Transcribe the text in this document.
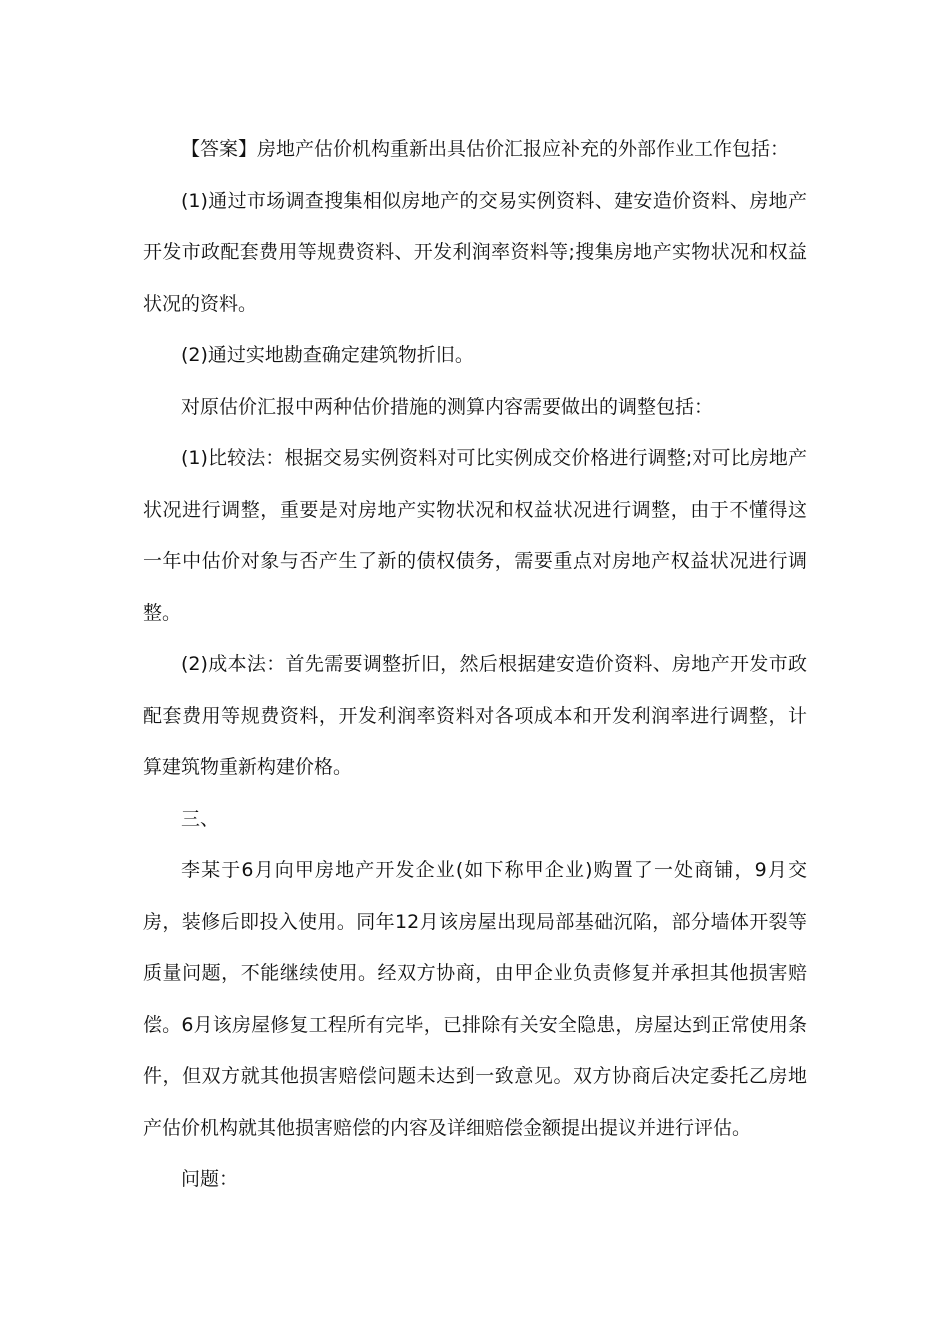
【答案】房地产估价机构重新出具估价汇报应补充的外部作业工作包括：

(1)通过市场调查搜集相似房地产的交易实例资料、建安造价资料、房地产开发市政配套费用等规费资料、开发利润率资料等;搜集房地产实物状况和权益状况的资料。

(2)通过实地勘查确定建筑物折旧。

对原估价汇报中两种估价措施的测算内容需要做出的调整包括：

(1)比较法：根据交易实例资料对可比实例成交价格进行调整;对可比房地产状况进行调整，重要是对房地产实物状况和权益状况进行调整，由于不懂得这一年中估价对象与否产生了新的债权债务，需要重点对房地产权益状况进行调整。

(2)成本法：首先需要调整折旧，然后根据建安造价资料、房地产开发市政配套费用等规费资料，开发利润率资料对各项成本和开发利润率进行调整，计算建筑物重新构建价格。

三、

李某于6月向甲房地产开发企业(如下称甲企业)购置了一处商铺，9月交房，装修后即投入使用。同年12月该房屋出现局部基础沉陷，部分墙体开裂等质量问题，不能继续使用。经双方协商，由甲企业负责修复并承担其他损害赔偿。6月该房屋修复工程所有完毕，已排除有关安全隐患，房屋达到正常使用条件，但双方就其他损害赔偿问题未达到一致意见。双方协商后决定委托乙房地产估价机构就其他损害赔偿的内容及详细赔偿金额提出提议并进行评估。

问题：
